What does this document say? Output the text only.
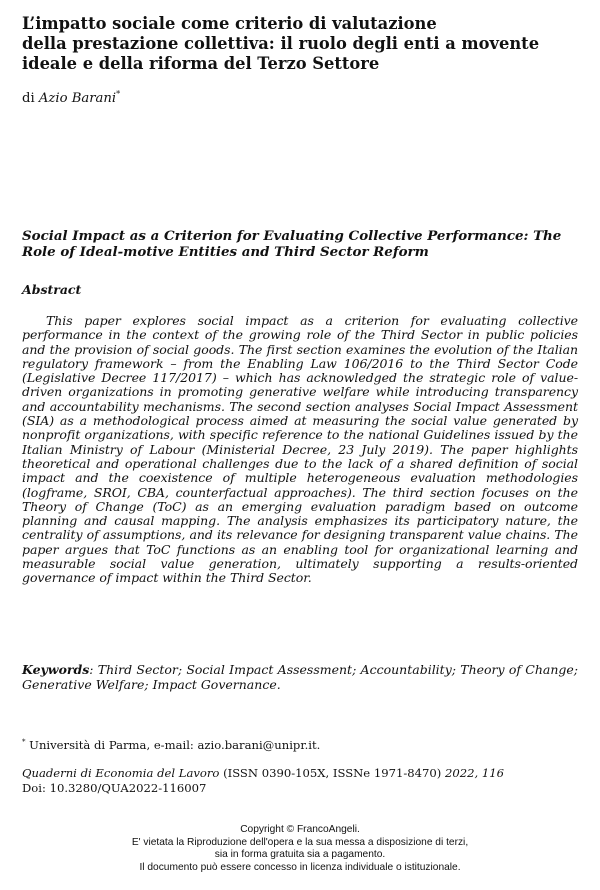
L’impatto sociale come criterio di valutazione
della prestazione collettiva: il ruolo degli enti a movente
ideale e della riforma del Terzo Settore
di Azio Barani*
Social Impact as a Criterion for Evaluating Collective Performance: The Role of Ideal-motive Entities and Third Sector Reform
Abstract

This paper explores social impact as a criterion for evaluating collective performance in the context of the growing role of the Third Sector in public policies and the provision of social goods. The first section examines the evolution of the Italian regulatory framework – from the Enabling Law 106/2016 to the Third Sector Code (Legislative Decree 117/2017) – which has acknowledged the strategic role of value-driven organizations in promoting generative welfare while introducing transparency and accountability mechanisms. The second section analyses Social Impact Assessment (SIA) as a methodological process aimed at measuring the social value generated by nonprofit organizations, with specific reference to the national Guidelines issued by the Italian Ministry of Labour (Ministerial Decree, 23 July 2019). The paper highlights theoretical and operational challenges due to the lack of a shared definition of social impact and the coexistence of multiple heterogeneous evaluation methodologies (logframe, SROI, CBA, counterfactual approaches). The third section focuses on the Theory of Change (ToC) as an emerging evaluation paradigm based on outcome planning and causal mapping. The analysis emphasizes its participatory nature, the centrality of assumptions, and its relevance for designing transparent value chains. The paper argues that ToC functions as an enabling tool for organizational learning and measurable social value generation, ultimately supporting a results-oriented governance of impact within the Third Sector.

Keywords: Third Sector; Social Impact Assessment; Accountability; Theory of Change; Generative Welfare; Impact Governance.

* Università di Parma, e-mail: azio.barani@unipr.it.

Quaderni di Economia del Lavoro (ISSN 0390-105X, ISSNe 1971-8470) 2022, 116
Doi: 10.3280/QUA2022-116007
Copyright © FrancoAngeli.
E' vietata la Riproduzione dell'opera e la sua messa a disposizione di terzi,
sia in forma gratuita sia a pagamento.
Il documento può essere concesso in licenza individuale o istituzionale.
